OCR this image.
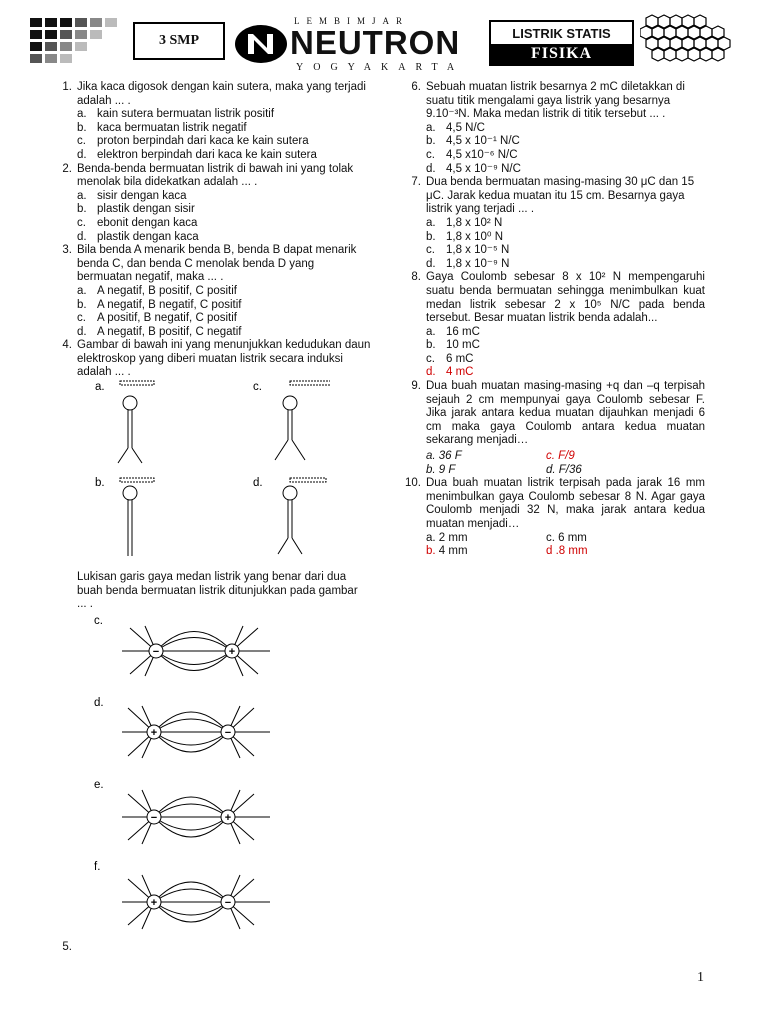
3 SMP
LEMBIMJAR
NEUTRON
YOGYAKARTA
LISTRIK STATIS
FISIKA
1. Jika kaca digosok dengan kain sutera, maka yang terjadi adalah ... .
a. kain sutera bermuatan listrik positif
b. kaca bermuatan listrik negatif
c. proton berpindah dari kaca ke kain sutera
d. elektron berpindah dari kaca ke kain sutera
2. Benda-benda bermuatan listrik di bawah ini yang tolak menolak bila didekatkan adalah ... .
a. sisir dengan kaca
b. plastik dengan sisir
c. ebonit dengan kaca
d. plastik dengan kaca
3. Bila benda A menarik benda B, benda B dapat menarik benda C, dan benda C menolak benda D yang bermuatan negatif, maka ... .
a. A negatif, B positif, C positif
b. A negatif, B negatif, C positif
c. A positif, B negatif, C positif
d. A negatif, B positif, C negatif
4. Gambar di bawah ini yang menunjukkan kedudukan daun elektroskop yang diberi muatan listrik secara induksi adalah ... .
a.	c.
b.	d.
Lukisan garis gaya medan listrik yang benar dari dua buah benda bermuatan listrik ditunjukkan pada gambar ... .
c.
d.
e.
f.
−	+
+	−
−	+
+	−
5.
6. Sebuah muatan listrik besarnya 2 mC diletakkan di suatu titik mengalami gaya listrik yang besarnya 9.10⁻³N. Maka medan listrik di titik tersebut ... .
a. 4,5 N/C
b. 4,5 x 10⁻¹ N/C
c. 4,5 x10⁻⁶ N/C
d. 4,5 x 10⁻⁹ N/C
7. Dua benda bermuatan masing-masing 30 μC dan 15 μC. Jarak kedua muatan itu 15 cm. Besarnya gaya listrik yang terjadi ... .
a. 1,8 x 10² N
b. 1,8 x 10⁰ N
c. 1,8 x 10⁻⁵ N
d. 1,8 x 10⁻⁹ N
8. Gaya Coulomb sebesar 8 x 10² N mempengaruhi suatu benda bermuatan sehingga menimbulkan kuat medan listrik sebesar 2 x 10⁵ N/C pada benda tersebut. Besar muatan listrik benda adalah...
a. 16 mC
b. 10 mC
c. 6 mC
d. 4 mC
9. Dua buah muatan masing-masing +q dan –q terpisah sejauh 2 cm mempunyai gaya Coulomb sebesar F. Jika jarak antara kedua muatan dijauhkan menjadi 6 cm maka gaya Coulomb antara kedua muatan sekarang menjadi…
a. 36 F	c. F/9
b. 9 F	d. F/36
10. Dua buah muatan listrik terpisah pada jarak 16 mm menimbulkan gaya Coulomb sebesar 8 N. Agar gaya Coulomb menjadi 32 N, maka jarak antara kedua muatan menjadi…
a. 2 mm	c. 6 mm
b. 4 mm	d .8 mm
1
